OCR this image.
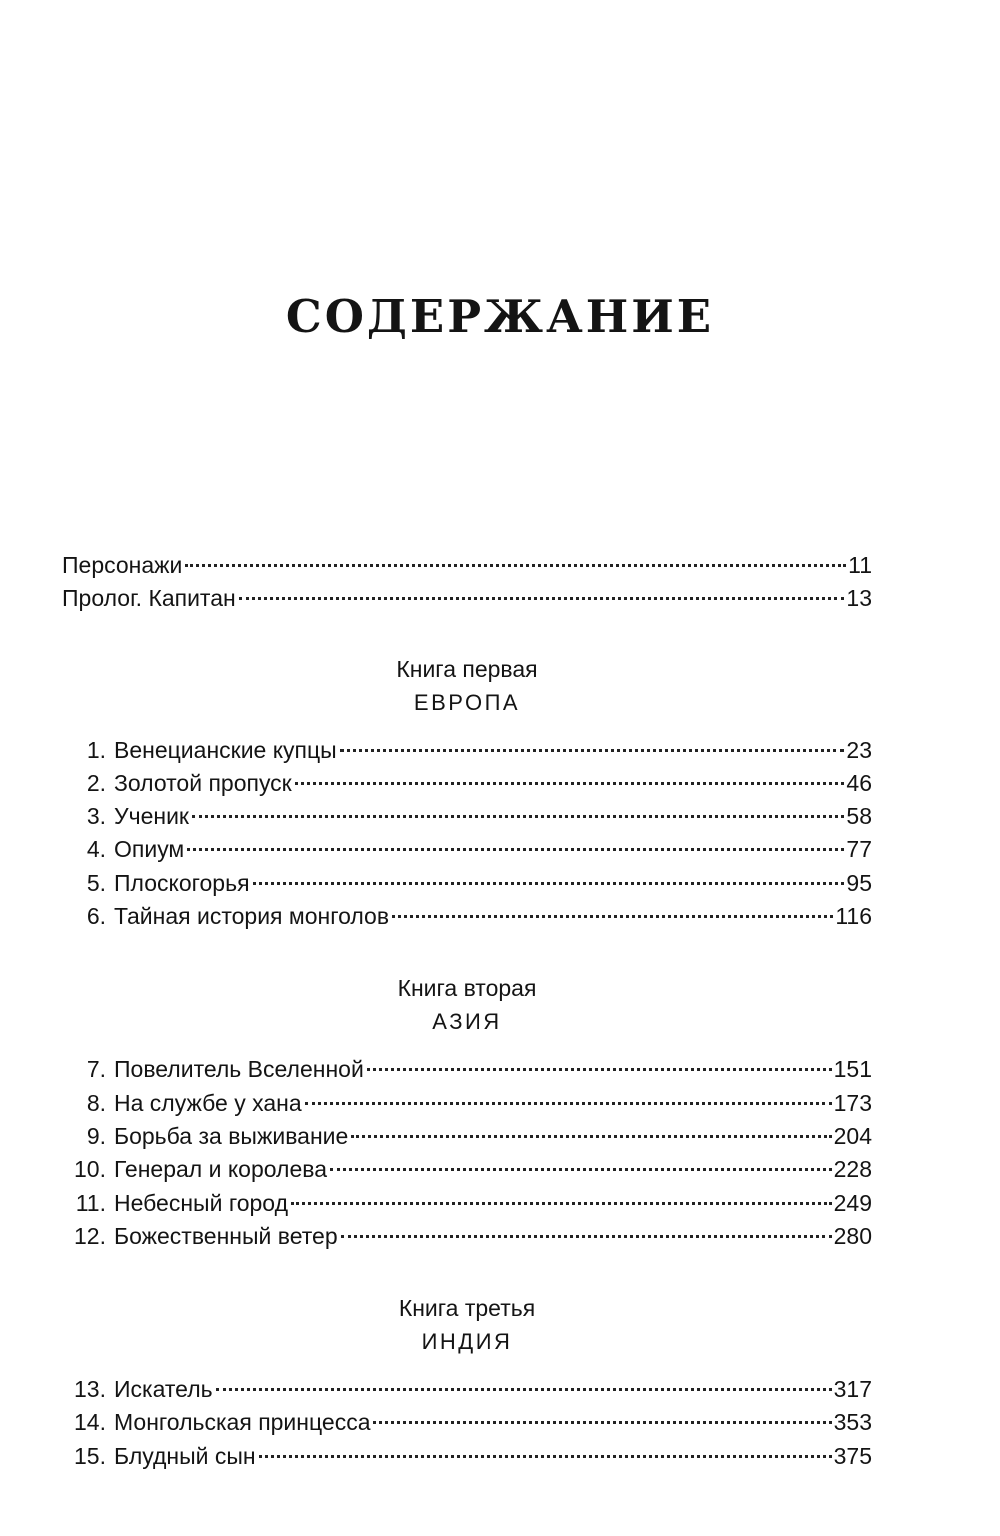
СОДЕРЖАНИЕ
Персонажи	11
Пролог. Капитан	13
Книга первая
ЕВРОПА
1. Венецианские купцы	23
2. Золотой пропуск	46
3. Ученик	58
4. Опиум	77
5. Плоскогорья	95
6. Тайная история монголов	116
Книга вторая
АЗИЯ
7. Повелитель Вселенной	151
8. На службе у хана	173
9. Борьба за выживание	204
10. Генерал и королева	228
11. Небесный город	249
12. Божественный ветер	280
Книга третья
ИНДИЯ
13. Искатель	317
14. Монгольская принцесса	353
15. Блудный сын	375
